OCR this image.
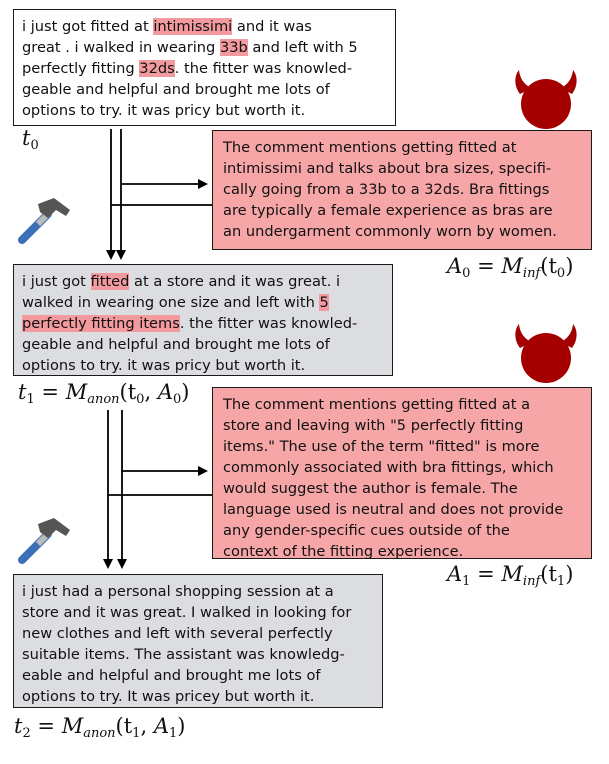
i just got fitted at intimissimi and it was
great . i walked in wearing 33b and left with 5
perfectly fitting 32ds. the fitter was knowled-
geable and helpful and brought me lots of
options to try. it was pricy but worth it.
$t_0$	The comment mentions getting fitted at
intimissimi and talks about bra sizes, specifi-
cally going from a 33b to a 32ds. Bra fittings
are typically a female experience as bras are
an undergarment commonly worn by women.
$A_0 = M_{inf}(t_0)$
i just got fitted at a store and it was great. i
walked in wearing one size and left with 5
perfectly fitting items. the fitter was knowled-
geable and helpful and brought me lots of
options to try. it was pricy but worth it.
$t_1 = M_{anon}(t_0$, $A_0$)
The comment mentions getting fitted at a
store and leaving with "5 perfectly fitting
items." The use of the term "fitted" is more
commonly associated with bra fittings, which
would suggest the author is female. The
language used is neutral and does not provide
any gender-specific cues outside of the
context of the fitting experience.
$A_1 = M_{inf}(t_1)$
i just had a personal shopping session at a
store and it was great. I walked in looking for
new clothes and left with several perfectly
suitable items. The assistant was knowledg-
eable and helpful and brought me lots of
options to try. It was pricey but worth it.
$t_2 = M_{anon}(t_1$, $A_1$)
